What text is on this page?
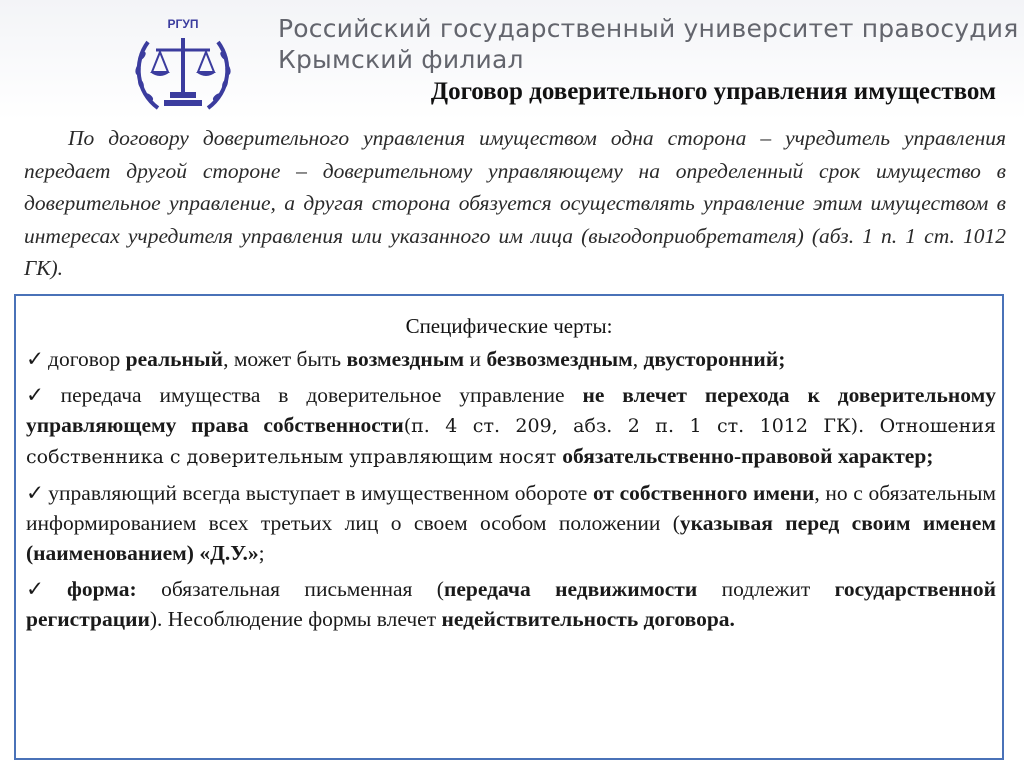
РГУП	Российский государственный университет правосудия
Крымский филиал
Договор доверительного управления имуществом

По договору доверительного управления имуществом одна сторона – учредитель управления передает другой стороне – доверительному управляющему на определенный срок имущество в доверительное управление, а другая сторона обязуется осуществлять управление этим имуществом в интересах учредителя управления или указанного им лица (выгодоприобретателя) (абз. 1 п. 1 ст. 1012 ГК).

Специфические черты:
✓ договор реальный, может быть возмездным и безвозмездным, двусторонний;
✓ передача имущества в доверительное управление не влечет перехода к доверительному управляющему права собственности(п. 4 ст. 209, абз. 2 п. 1 ст. 1012 ГК). Отношения собственника с доверительным управляющим носят обязательственно-правовой характер;
✓ управляющий всегда выступает в имущественном обороте от собственного имени, но с обязательным информированием всех третьих лиц о своем особом положении (указывая перед своим именем (наименованием) «Д.У.»;
✓ форма: обязательная письменная (передача недвижимости подлежит государственной регистрации). Несоблюдение формы влечет недействительность договора.
